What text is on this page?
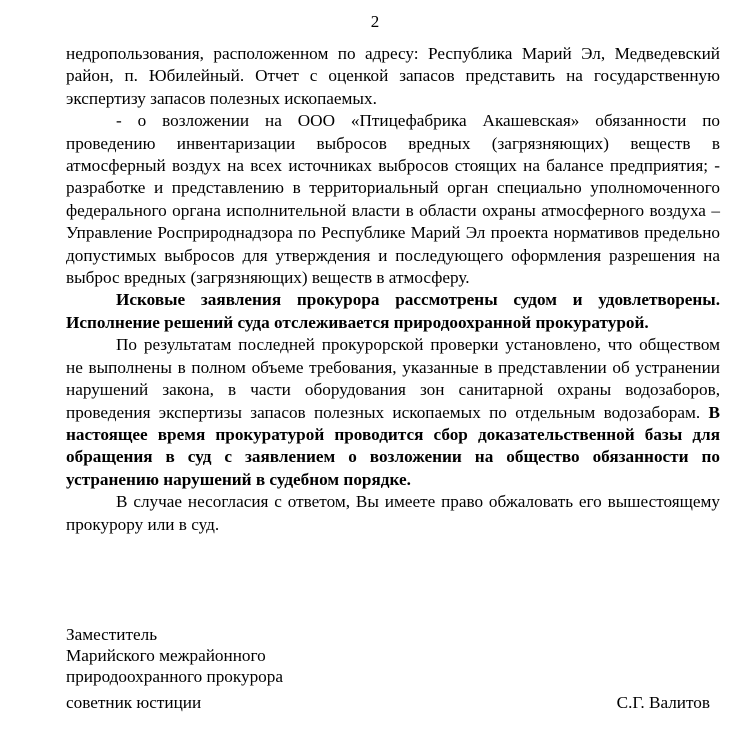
2

недропользования, расположенном по адресу: Республика Марий Эл, Медведевский район, п. Юбилейный. Отчет с оценкой запасов представить на государственную экспертизу запасов полезных ископаемых.

- о возложении на ООО «Птицефабрика Акашевская» обязанности по проведению инвентаризации выбросов вредных (загрязняющих) веществ в атмосферный воздух на всех источниках выбросов стоящих на балансе предприятия; - разработке и представлению в территориальный орган специально уполномоченного федерального органа исполнительной власти в области охраны атмосферного воздуха – Управление Росприроднадзора по Республике Марий Эл проекта нормативов предельно допустимых выбросов для утверждения и последующего оформления разрешения на выброс вредных (загрязняющих) веществ в атмосферу.

Исковые заявления прокурора рассмотрены судом и удовлетворены. Исполнение решений суда отслеживается природоохранной прокуратурой.

По результатам последней прокурорской проверки установлено, что обществом не выполнены в полном объеме требования, указанные в представлении об устранении нарушений закона, в части оборудования зон санитарной охраны водозаборов, проведения экспертизы запасов полезных ископаемых по отдельным водозаборам. В настоящее время прокуратурой проводится сбор доказательственной базы для обращения в суд с заявлением о возложении на общество обязанности по устранению нарушений в судебном порядке.

В случае несогласия с ответом, Вы имеете право обжаловать его вышестоящему прокурору или в суд.

Заместитель
Марийского межрайонного
природоохранного прокурора
советник юстиции	С.Г. Валитов
